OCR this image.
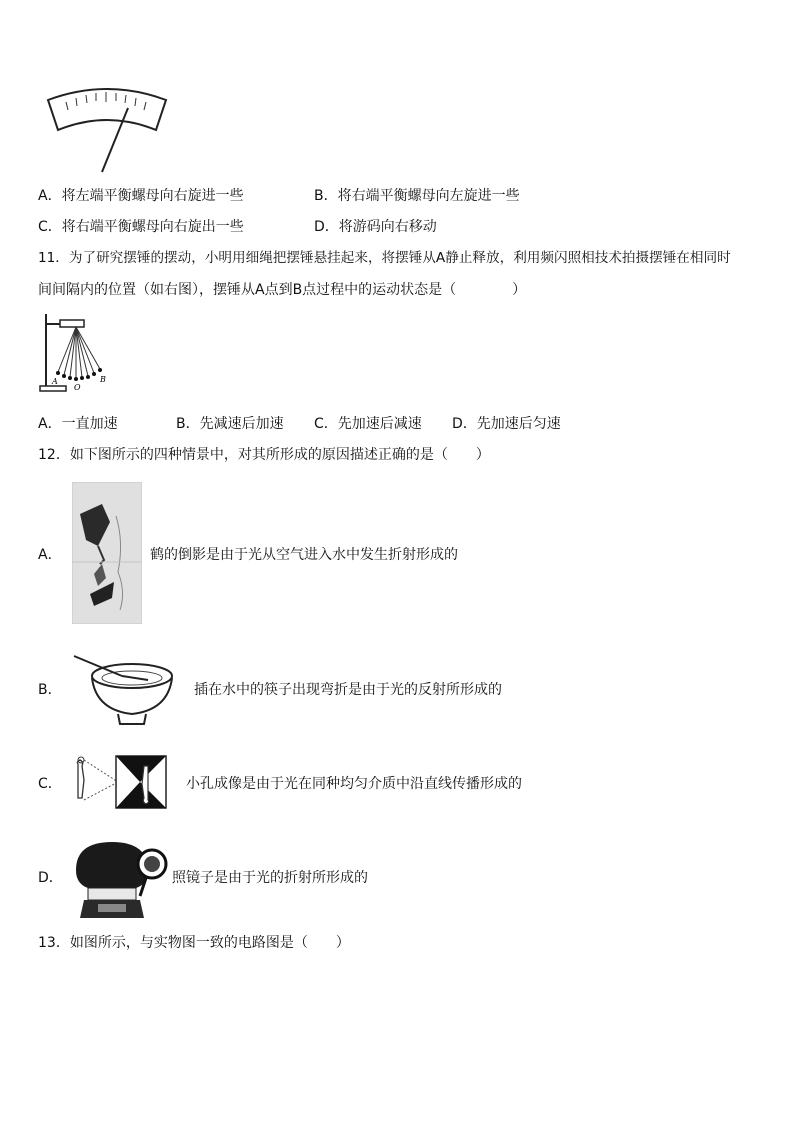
A．将左端平衡螺母向右旋进一些	B．将右端平衡螺母向左旋进一些
C．将右端平衡螺母向右旋出一些	D．将游码向右移动
11．为了研究摆锤的摆动，小明用细绳把摆锤悬挂起来，将摆锤从A静止释放，利用频闪照相技术拍摄摆锤在相同时
间间隔内的位置（如右图），摆锤从A点到B点过程中的运动状态是（　　　　）
A
O
B
A．一直加速	B．先减速后加速 C．先加速后减速 D．先加速后匀速
12．如下图所示的四种情景中，对其所形成的原因描述正确的是（　　）
A．	鹤的倒影是由于光从空气进入水中发生折射形成的
B．	插在水中的筷子出现弯折是由于光的反射所形成的
C．	小孔成像是由于光在同种均匀介质中沿直线传播形成的
D．	照镜子是由于光的折射所形成的
13．如图所示，与实物图一致的电路图是（　　）
